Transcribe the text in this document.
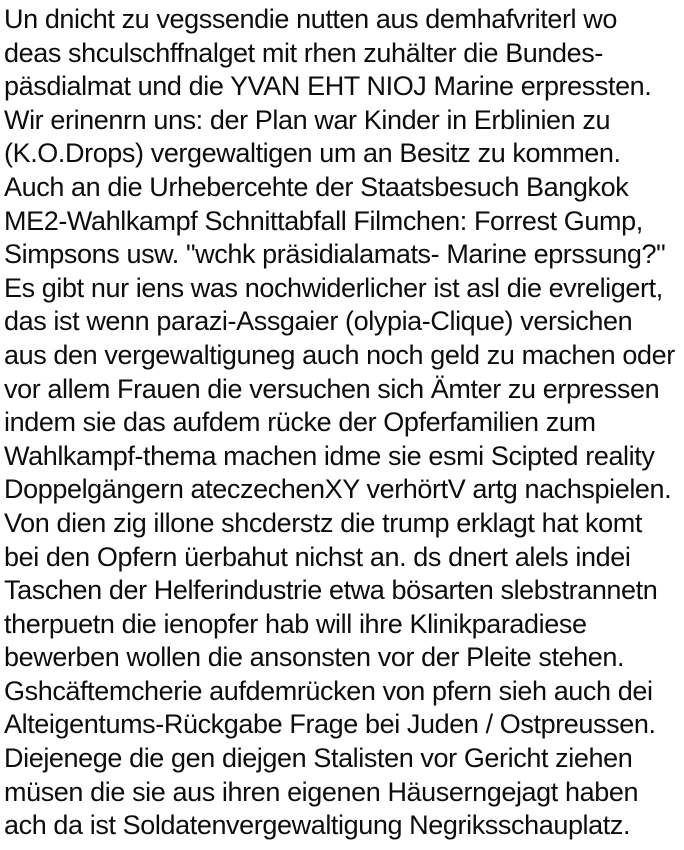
Un dnicht zu vegssendie nutten aus demhafvriterl wo
deas shculschffnalget mit rhen zuhälter die Bundes-
päsdialmat und die YVAN EHT NIOJ Marine erpressten.
Wir erinenrn uns: der Plan war Kinder in Erblinien zu
(K.O.Drops) vergewaltigen um an Besitz zu kommen.
Auch an die Urhebercehte der Staatsbesuch Bangkok
ME2-Wahlkampf Schnittabfall Filmchen: Forrest Gump,
Simpsons usw. "wchk präsidialamats- Marine eprssung?"
Es gibt nur iens was nochwiderlicher ist asl die evreligert,
das ist wenn parazi-Assgaier (olypia-Clique) versichen
aus den vergewaltiguneg auch noch geld zu machen oder
vor allem Frauen die versuchen sich Ämter zu erpressen
indem sie das aufdem rücke der Opferfamilien zum
Wahlkampf-thema machen idme sie esmi Scipted reality
Doppelgängern ateczechenXY verhörtV artg nachspielen.
Von dien zig illone shcderstz die trump erklagt hat komt
bei den Opfern üerbahut nichst an. ds dnert alels indei
Taschen der Helferindustrie etwa bösarten slebstrannetn
therpuetn die ienopfer hab will ihre Klinikparadiese
bewerben wollen die ansonsten vor der Pleite stehen.
Gshcäftemcherie aufdemrücken von pfern sieh auch dei
Alteigentums-Rückgabe Frage bei Juden / Ostpreussen.
Diejenege die gen diejgen Stalisten vor Gericht ziehen
müsen die sie aus ihren eigenen Häuserngejagt haben
ach da ist Soldatenvergewaltigung Negriksschauplatz.
